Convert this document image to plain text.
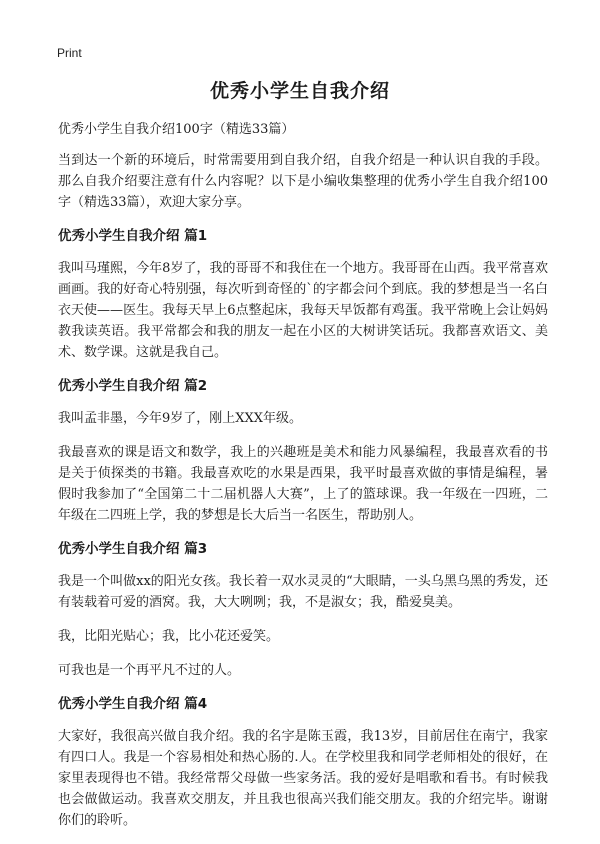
Print
优秀小学生自我介绍

优秀小学生自我介绍100字（精选33篇）

当到达一个新的环境后，时常需要用到自我介绍，自我介绍是一种认识自我的手段。那么自我介绍要注意有什么内容呢？以下是小编收集整理的优秀小学生自我介绍100字（精选33篇），欢迎大家分享。

优秀小学生自我介绍 篇1

我叫马瑾熙，今年8岁了，我的哥哥不和我住在一个地方。我哥哥在山西。我平常喜欢画画。我的好奇心特别强，每次听到奇怪的`的字都会问个到底。我的梦想是当一名白衣天使——医生。我每天早上6点整起床，我每天早饭都有鸡蛋。我平常晚上会让妈妈教我读英语。我平常都会和我的朋友一起在小区的大树讲笑话玩。我都喜欢语文、美术、数学课。这就是我自己。

优秀小学生自我介绍 篇2

我叫孟非墨，今年9岁了，刚上XXX年级。

我最喜欢的课是语文和数学，我上的兴趣班是美术和能力风暴编程，我最喜欢看的书是关于侦探类的书籍。我最喜欢吃的水果是西果，我平时最喜欢做的事情是编程，暑假时我参加了“全国第二十二届机器人大赛”，上了的篮球课。我一年级在一四班，二年级在二四班上学，我的梦想是长大后当一名医生，帮助别人。

优秀小学生自我介绍 篇3

我是一个叫做xx的阳光女孩。我长着一双水灵灵的“大眼睛，一头乌黑乌黑的秀发，还有装载着可爱的酒窝。我，大大咧咧；我，不是淑女；我，酷爱臭美。

我，比阳光贴心；我，比小花还爱笑。

可我也是一个再平凡不过的人。

优秀小学生自我介绍 篇4

大家好，我很高兴做自我介绍。我的名字是陈玉霞，我13岁，目前居住在南宁，我家有四口人。我是一个容易相处和热心肠的.人。在学校里我和同学老师相处的很好，在家里表现得也不错。我经常帮父母做一些家务活。我的爱好是唱歌和看书。有时候我也会做做运动。我喜欢交朋友，并且我也很高兴我们能交朋友。我的介绍完毕。谢谢你们的聆听。
